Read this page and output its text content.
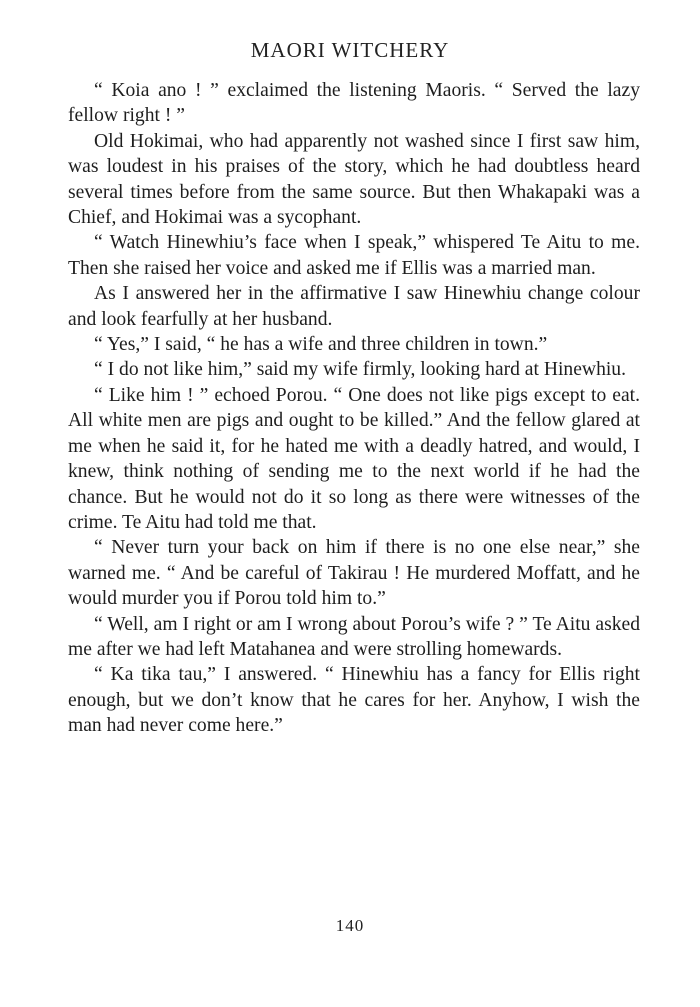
MAORI WITCHERY

“ Koia ano ! ” exclaimed the listening Maoris. “ Served the lazy fellow right ! ”

Old Hokimai, who had apparently not washed since I first saw him, was loudest in his praises of the story, which he had doubtless heard several times before from the same source. But then Whakapaki was a Chief, and Hokimai was a sycophant.

“ Watch Hinewhiu’s face when I speak,” whispered Te Aitu to me. Then she raised her voice and asked me if Ellis was a married man.

As I answered her in the affirmative I saw Hinewhiu change colour and look fearfully at her husband.

“ Yes,” I said, “ he has a wife and three children in town.”

“ I do not like him,” said my wife firmly, looking hard at Hinewhiu.

“ Like him ! ” echoed Porou. “ One does not like pigs except to eat. All white men are pigs and ought to be killed.” And the fellow glared at me when he said it, for he hated me with a deadly hatred, and would, I knew, think nothing of sending me to the next world if he had the chance. But he would not do it so long as there were witnesses of the crime. Te Aitu had told me that.

“ Never turn your back on him if there is no one else near,” she warned me. “ And be careful of Takirau ! He murdered Moffatt, and he would murder you if Porou told him to.”

“ Well, am I right or am I wrong about Porou’s wife ? ” Te Aitu asked me after we had left Matahanea and were strolling homewards.

“ Ka tika tau,” I answered. “ Hinewhiu has a fancy for Ellis right enough, but we don’t know that he cares for her. Anyhow, I wish the man had never come here.”

140
